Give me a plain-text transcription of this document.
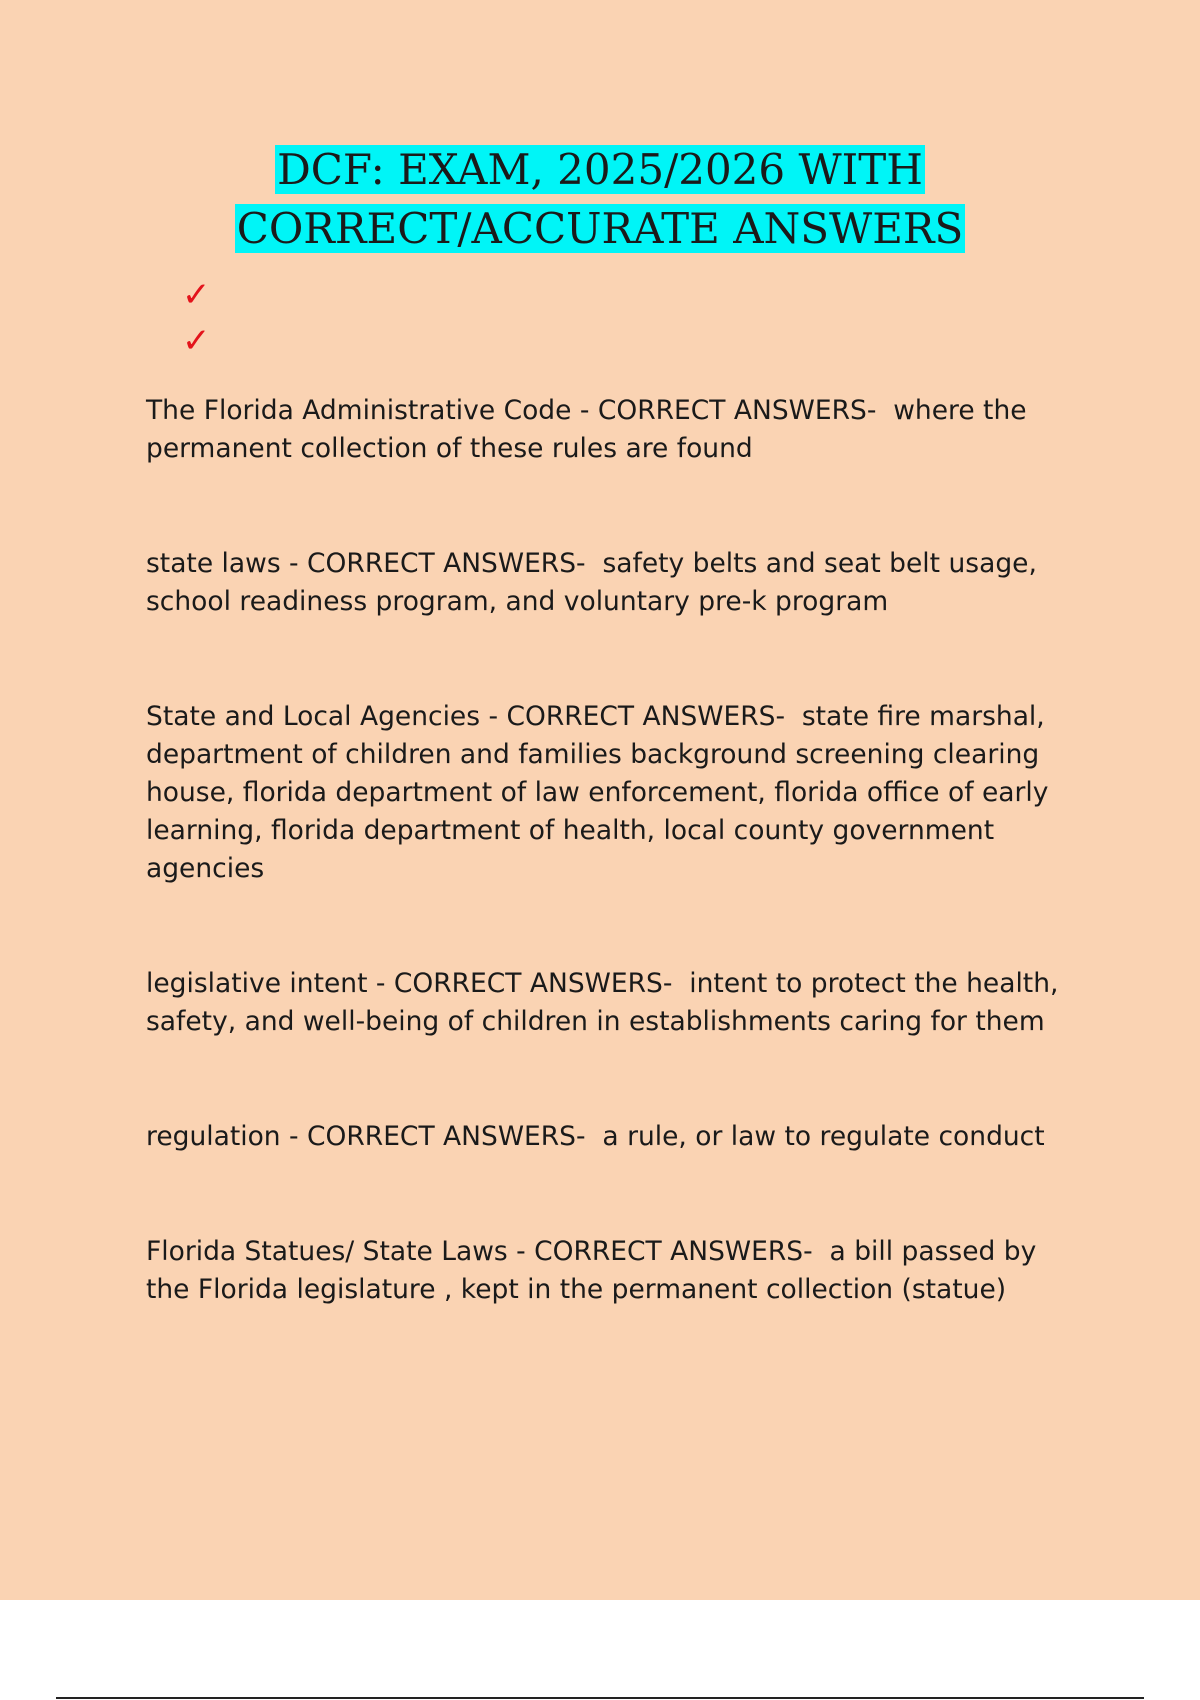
DCF: EXAM, 2025/2026 WITH
CORRECT/ACCURATE ANSWERS
✓
✓
The Florida Administrative Code - CORRECT ANSWERS-  where the permanent collection of these rules are found
state laws - CORRECT ANSWERS-  safety belts and seat belt usage, school readiness program, and voluntary pre-k program
State and Local Agencies - CORRECT ANSWERS-  state fire marshal, department of children and families background screening clearing house, florida department of law enforcement, florida office of early learning, florida department of health, local county government agencies
legislative intent - CORRECT ANSWERS-  intent to protect the health, safety, and well-being of children in establishments caring for them
regulation - CORRECT ANSWERS-  a rule, or law to regulate conduct
Florida Statues/ State Laws - CORRECT ANSWERS-  a bill passed by the Florida legislature , kept in the permanent collection (statue)
